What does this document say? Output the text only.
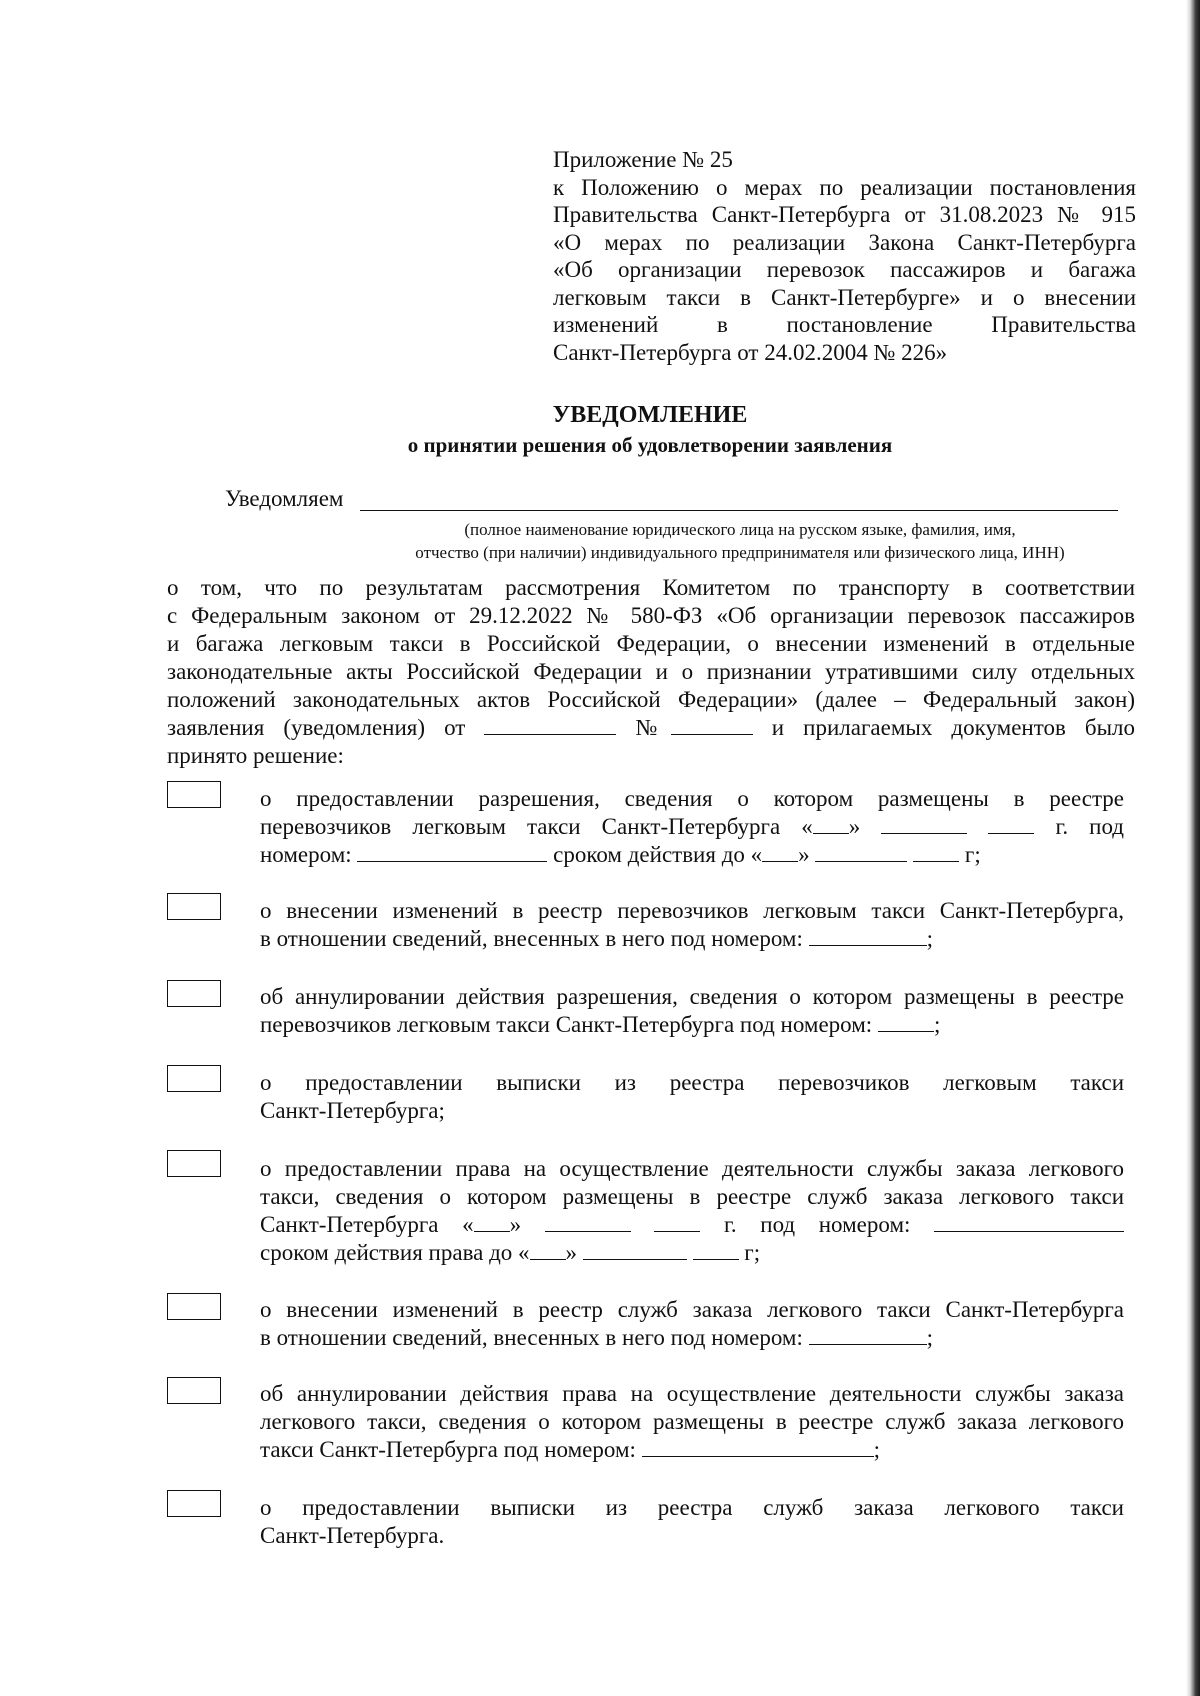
Приложение № 25
к Положению о мерах по реализации постановления
Правительства Санкт-Петербурга от 31.08.2023 № 915
«О мерах по реализации Закона Санкт-Петербурга
«Об организации перевозок пассажиров и багажа
легковым такси в Санкт-Петербурге» и о внесении
изменений в постановление Правительства
Санкт-Петербурга от 24.02.2004 № 226»
УВЕДОМЛЕНИЕ
о принятии решения об удовлетворении заявления
Уведомляем
(полное наименование юридического лица на русском языке, фамилия, имя,
отчество (при наличии) индивидуального предпринимателя или физического лица, ИНН)
о том, что по результатам рассмотрения Комитетом по транспорту в соответствии
с Федеральным законом от 29.12.2022 № 580-ФЗ «Об организации перевозок пассажиров
и багажа легковым такси в Российской Федерации, о внесении изменений в отдельные
законодательные акты Российской Федерации и о признании утратившими силу отдельных
положений законодательных актов Российской Федерации» (далее – Федеральный закон)
заявления (уведомления) от	№	и прилагаемых документов было
принято решение:
о предоставлении разрешения, сведения о котором размещены в реестре
перевозчиков легковым такси Санкт-Петербурга « »	г. под
номером:	сроком действия до « »	г;
о внесении изменений в реестр перевозчиков легковым такси Санкт-Петербурга,
в отношении сведений, внесенных в него под номером:	;
об аннулировании действия разрешения, сведения о котором размещены в реестре
перевозчиков легковым такси Санкт-Петербурга под номером:	;
о предоставлении выписки из реестра перевозчиков легковым такси
Санкт-Петербурга;
о предоставлении права на осуществление деятельности службы заказа легкового
такси, сведения о котором размещены в реестре служб заказа легкового такси
Санкт-Петербурга « »	г. под номером:
сроком действия права до « »	г;
о внесении изменений в реестр служб заказа легкового такси Санкт-Петербурга
в отношении сведений, внесенных в него под номером:	;
об аннулировании действия права на осуществление деятельности службы заказа
легкового такси, сведения о котором размещены в реестре служб заказа легкового
такси Санкт-Петербурга под номером:	;
о предоставлении выписки из реестра служб заказа легкового такси
Санкт-Петербурга.
